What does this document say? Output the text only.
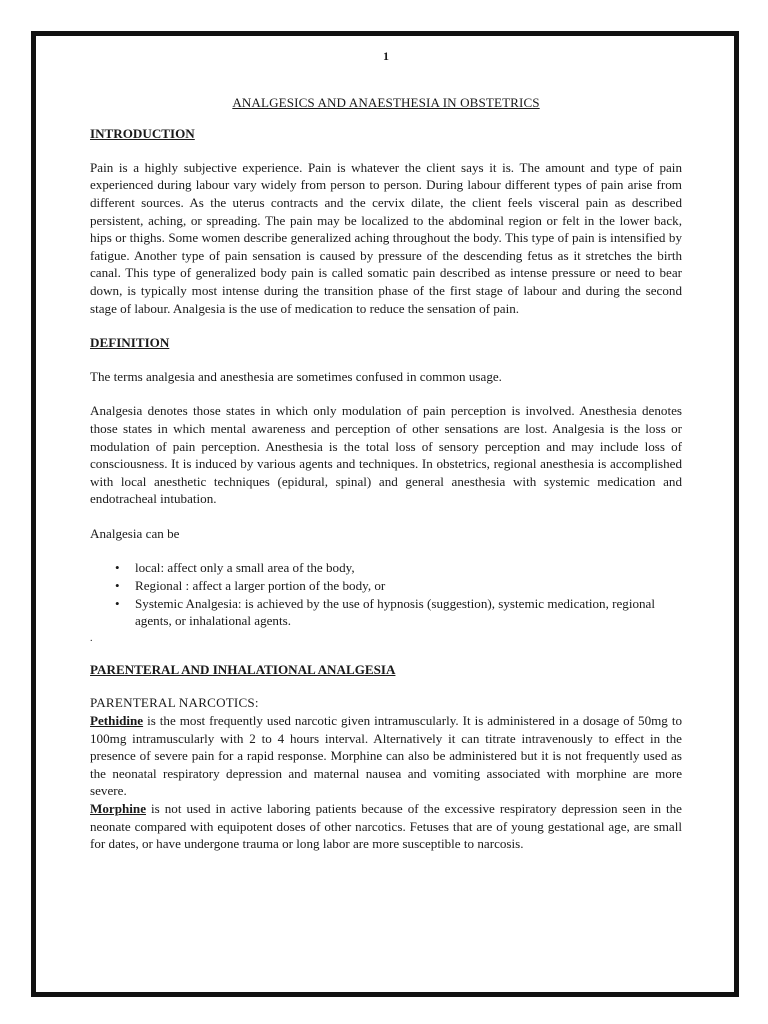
1
ANALGESICS AND ANAESTHESIA IN OBSTETRICS
INTRODUCTION

Pain is a highly subjective experience. Pain is whatever the client says it is. The amount and type of pain experienced during labour vary widely from person to person. During labour different types of pain arise from different sources. As the uterus contracts and the cervix dilate, the client feels visceral pain as described persistent, aching, or spreading. The pain may be localized to the abdominal region or felt in the lower back, hips or thighs. Some women describe generalized aching throughout the body. This type of pain is intensified by fatigue. Another type of pain sensation is caused by pressure of the descending fetus as it stretches the birth canal. This type of generalized body pain is called somatic pain described as intense pressure or need to bear down, is typically most intense during the transition phase of the first stage of labour and during the second stage of labour. Analgesia is the use of medication to reduce the sensation of pain.

DEFINITION

The terms analgesia and anesthesia are sometimes confused in common usage.

Analgesia denotes those states in which only modulation of pain perception is involved. Anesthesia denotes those states in which mental awareness and perception of other sensations are lost. Analgesia is the loss or modulation of pain perception. Anesthesia is the total loss of sensory perception and may include loss of consciousness. It is induced by various agents and techniques. In obstetrics, regional anesthesia is accomplished with local anesthetic techniques (epidural, spinal) and general anesthesia with systemic medication and endotracheal intubation.

Analgesia can be

• local: affect only a small area of the body,
• Regional : affect a larger portion of the body, or
• Systemic Analgesia: is achieved by the use of hypnosis (suggestion), systemic medication, regional agents, or inhalational agents.
.
PARENTERAL AND INHALATIONAL ANALGESIA
PARENTERAL NARCOTICS:

Pethidine is the most frequently used narcotic given intramuscularly. It is administered in a dosage of 50mg to 100mg intramuscularly with 2 to 4 hours interval. Alternatively it can titrate intravenously to effect in the presence of severe pain for a rapid response. Morphine can also be administered but it is not frequently used as the neonatal respiratory depression and maternal nausea and vomiting associated with morphine are more severe.

Morphine is not used in active laboring patients because of the excessive respiratory depression seen in the neonate compared with equipotent doses of other narcotics. Fetuses that are of young gestational age, are small for dates, or have undergone trauma or long labor are more susceptible to narcosis.
